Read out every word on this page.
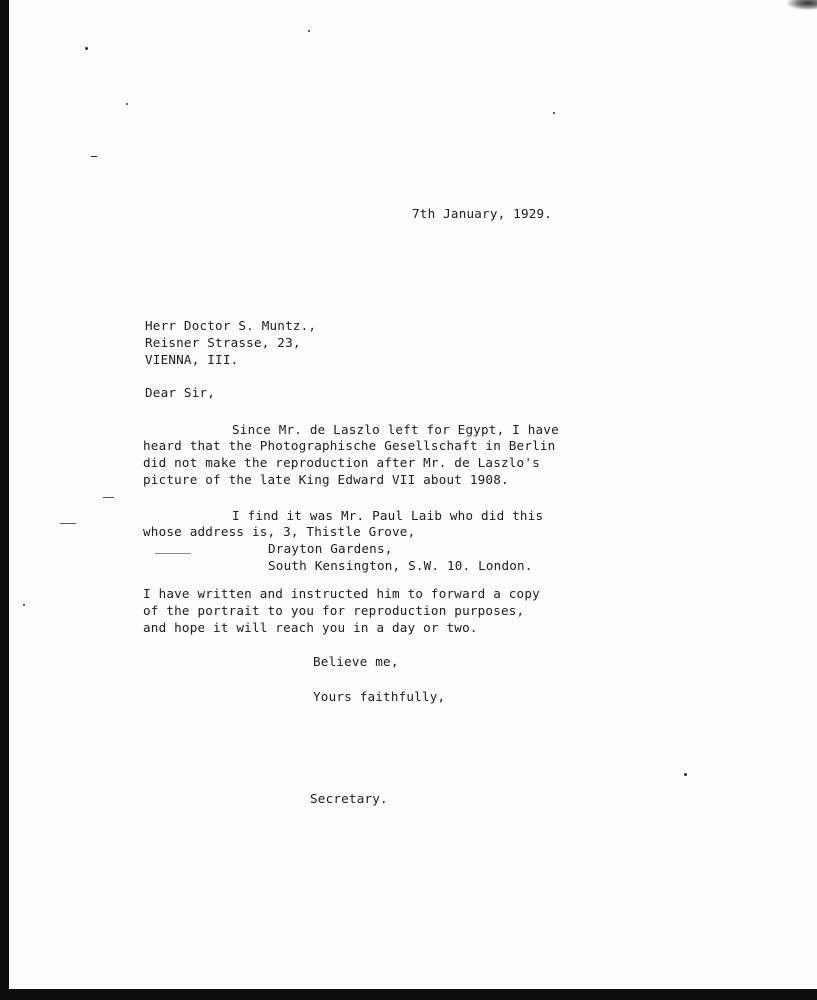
7th January, 1929.
Herr Doctor S. Muntz.,
Reisner Strasse, 23,
VIENNA, III.
Dear Sir,
Since Mr. de Laszlo left for Egypt, I have
heard that the Photographische Gesellschaft in Berlin
did not make the reproduction after Mr. de Laszlo's
picture of the late King Edward VII about 1908.
I find it was Mr. Paul Laib who did this
whose address is, 3, Thistle Grove,
Drayton Gardens,
South Kensington, S.W. 10. London.
I have written and instructed him to forward a copy
of the portrait to you for reproduction purposes,
and hope it will reach you in a day or two.
Believe me,
Yours faithfully,
Secretary.
